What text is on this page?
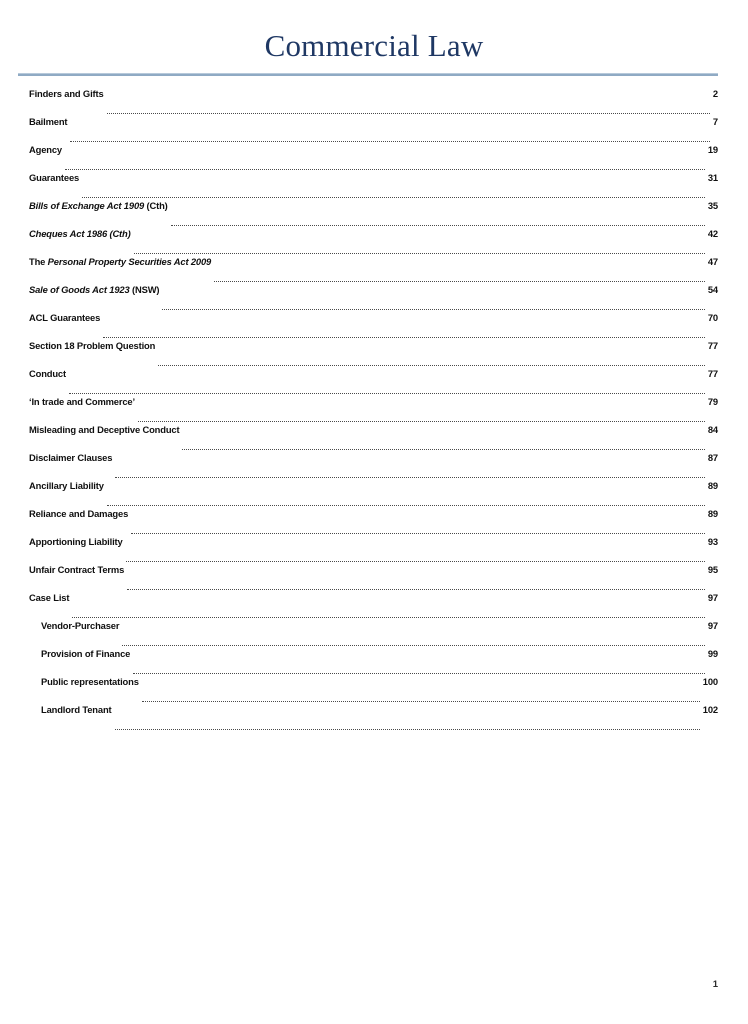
Commercial Law
Finders and Gifts	2
Bailment	7
Agency	19
Guarantees	31
Bills of Exchange Act 1909 (Cth)	35
Cheques Act 1986 (Cth)	42
The Personal Property Securities Act 2009	47
Sale of Goods Act 1923 (NSW)	54
ACL Guarantees	70
Section 18 Problem Question	77
Conduct	77
‘In trade and Commerce’	79
Misleading and Deceptive Conduct	84
Disclaimer Clauses	87
Ancillary Liability	89
Reliance and Damages	89
Apportioning Liability	93
Unfair Contract Terms	95
Case List	97
Vendor-Purchaser	97
Provision of Finance	99
Public representations	100
Landlord Tenant	102
1
